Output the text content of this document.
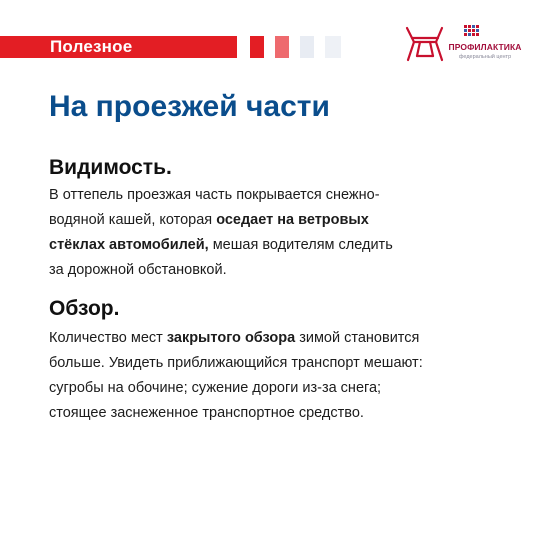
Полезное	ПРОФИЛАКТИКА
федеральный центр
На проезжей части
Видимость.

В оттепель проезжая часть покрывается снежно-
водяной кашей, которая оседает на ветровых
стёклах автомобилей, мешая водителям следить
за дорожной обстановкой.

Обзор.

Количество мест закрытого обзора зимой становится
больше. Увидеть приближающийся транспорт мешают:
сугробы на обочине; сужение дороги из-за снега;
стоящее заснеженное транспортное средство.
